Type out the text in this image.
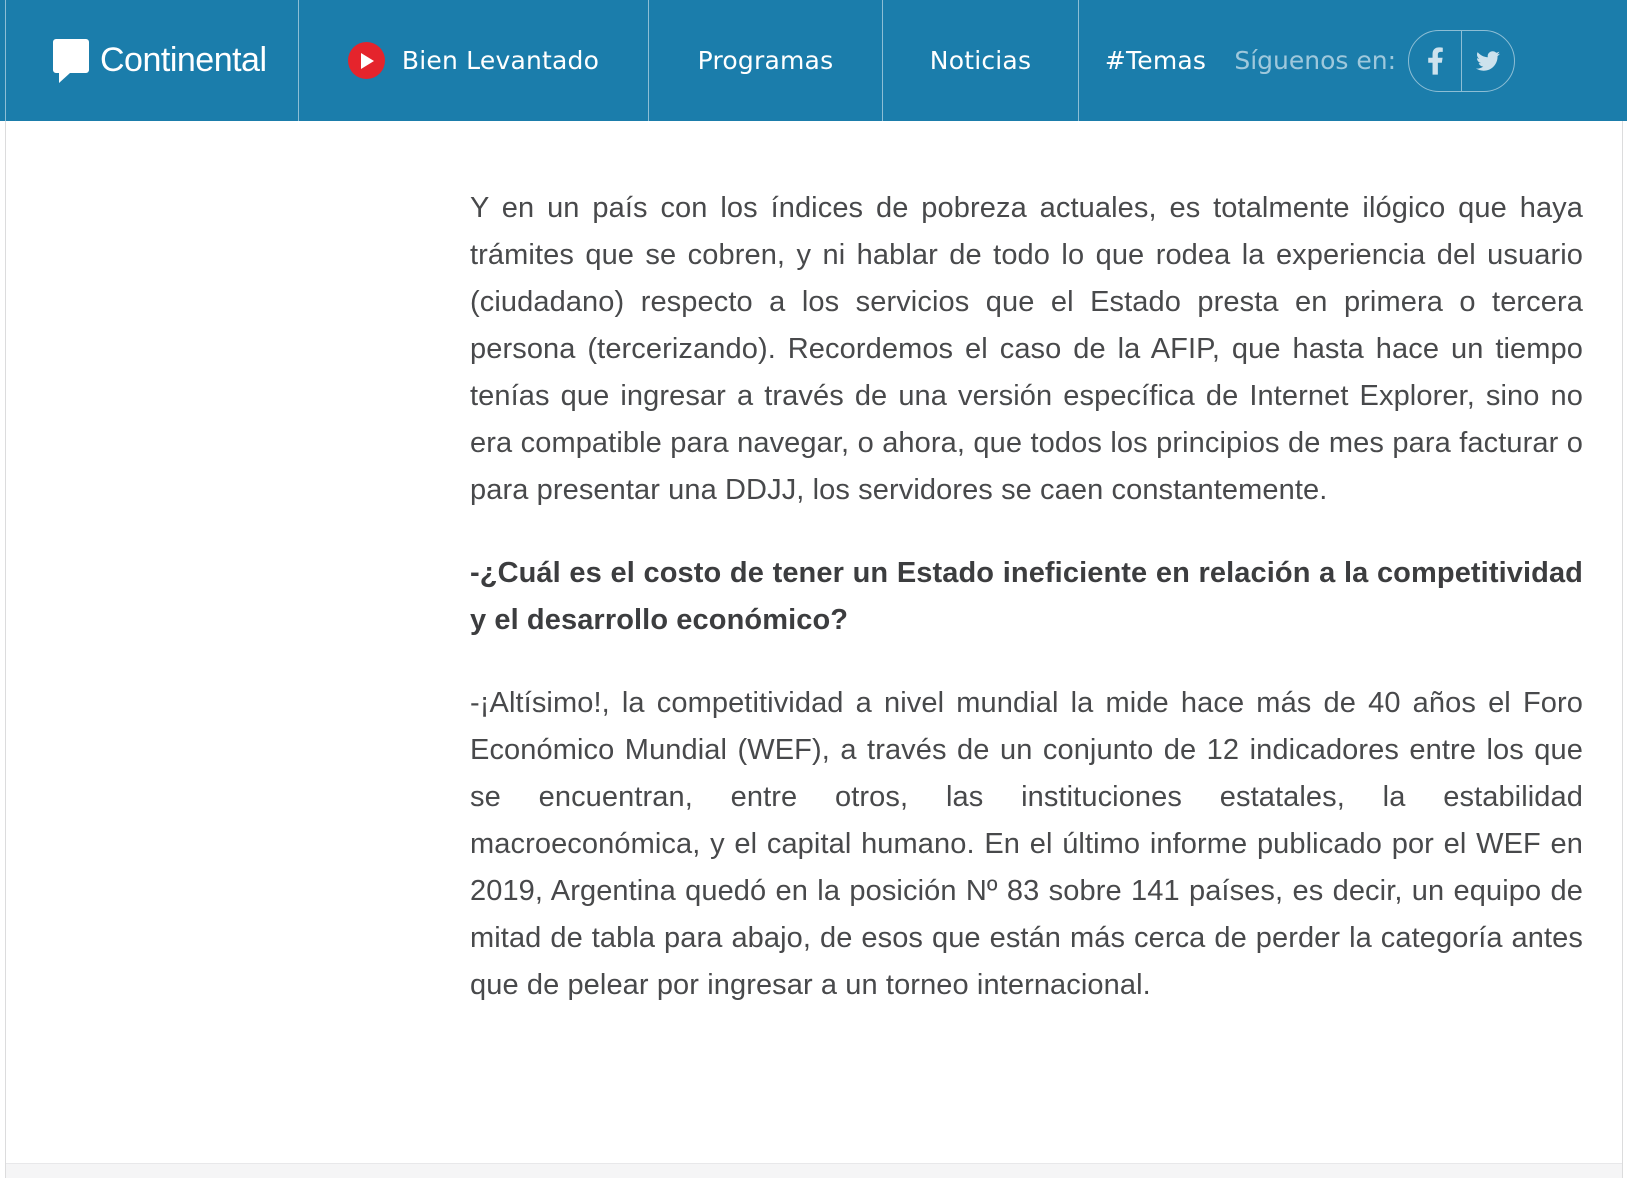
Continental	Bien Levantado	Programas	Noticias	#Temas Síguenos en:

Y en un país con los índices de pobreza actuales, es totalmente ilógico que haya trámites que se cobren, y ni hablar de todo lo que rodea la experiencia del usuario (ciudadano) respecto a los servicios que el Estado presta en primera o tercera persona (tercerizando). Recordemos el caso de la AFIP, que hasta hace un tiempo tenías que ingresar a través de una versión específica de Internet Explorer, sino no era compatible para navegar, o ahora, que todos los principios de mes para facturar o para presentar una DDJJ, los servidores se caen constantemente.

-¿Cuál es el costo de tener un Estado ineficiente en relación a la competitividad y el desarrollo económico?

-¡Altísimo!, la competitividad a nivel mundial la mide hace más de 40 años el Foro Económico Mundial (WEF), a través de un conjunto de 12 indicadores entre los que se encuentran, entre otros, las instituciones estatales, la estabilidad macroeconómica, y el capital humano. En el último informe publicado por el WEF en 2019, Argentina quedó en la posición Nº 83 sobre 141 países, es decir, un equipo de mitad de tabla para abajo, de esos que están más cerca de perder la categoría antes que de pelear por ingresar a un torneo internacional.
